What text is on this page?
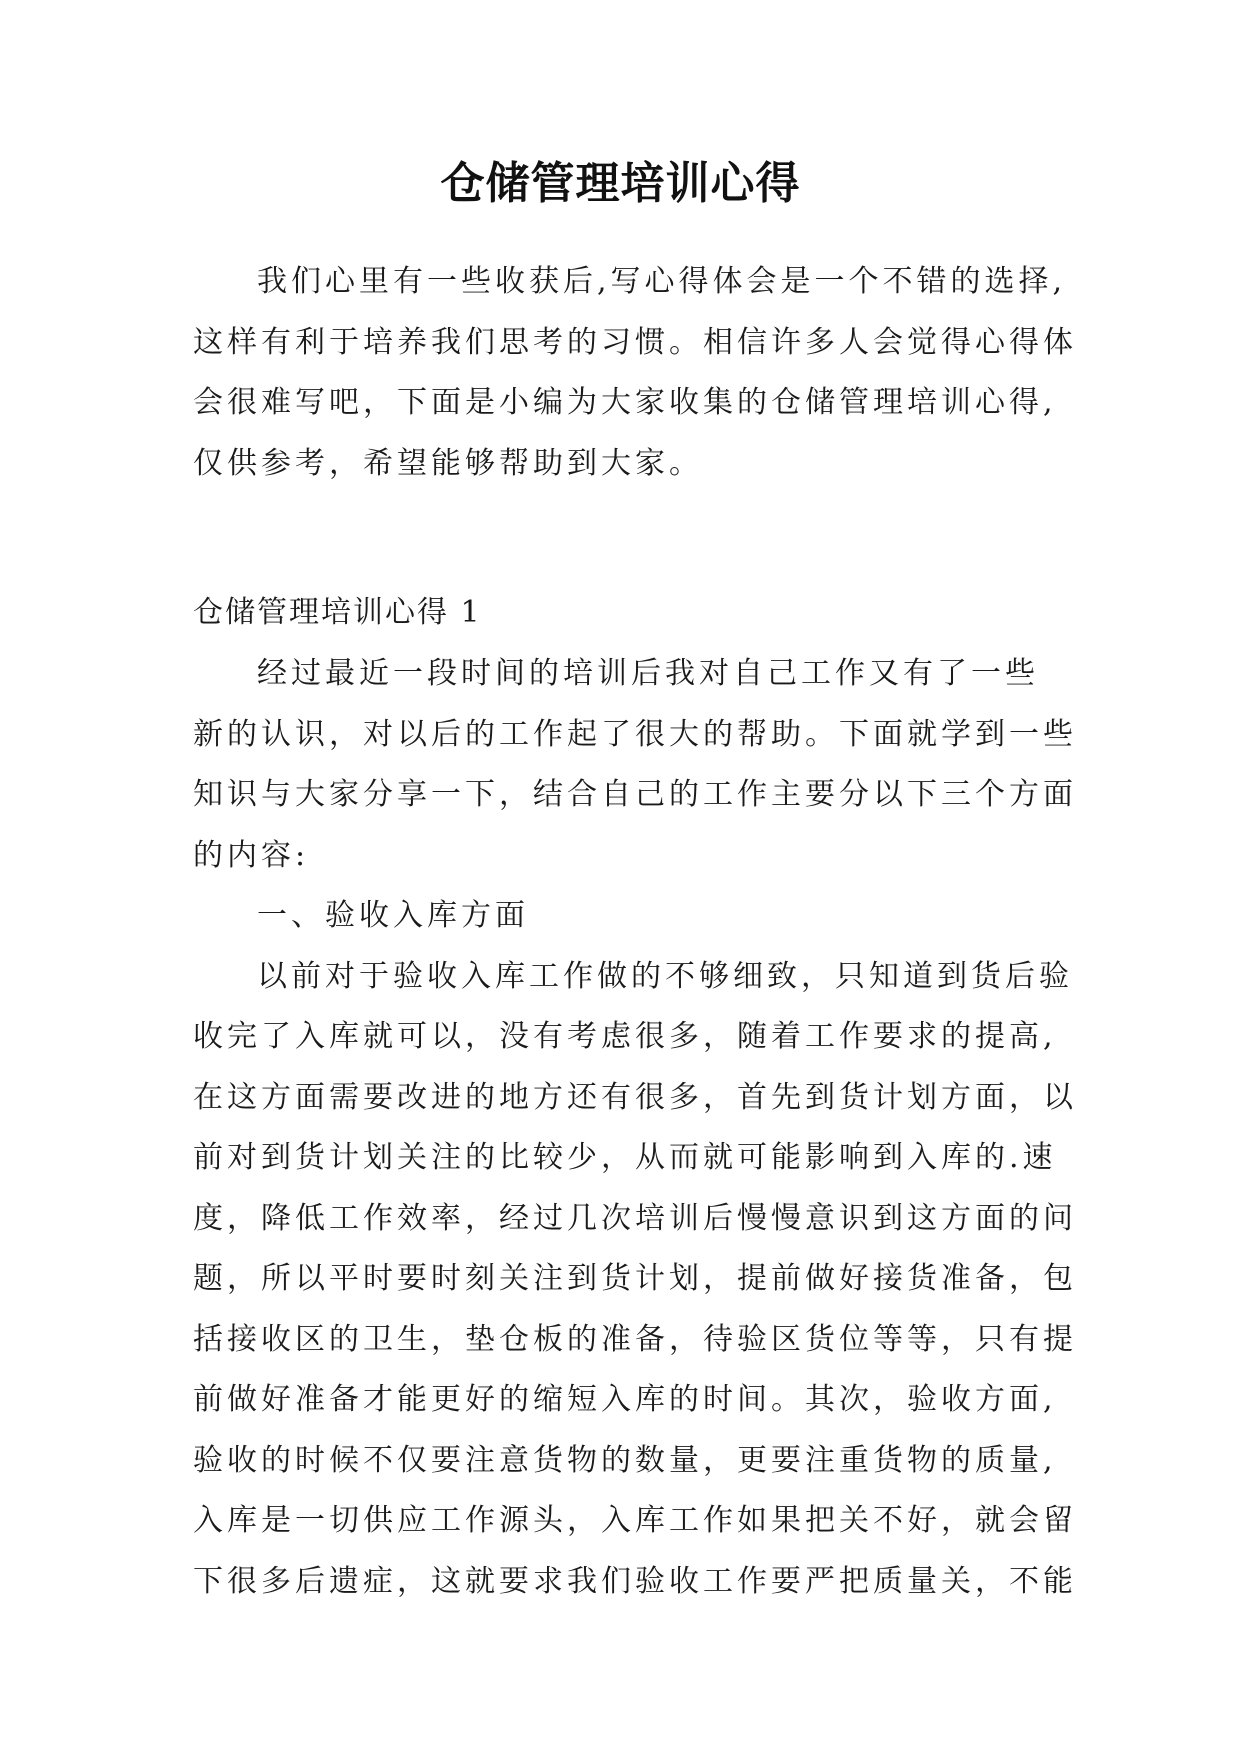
仓储管理培训心得
我们心里有一些收获后,写心得体会是一个不错的选择,
这样有利于培养我们思考的习惯。相信许多人会觉得心得体
会很难写吧，下面是小编为大家收集的仓储管理培训心得,
仅供参考，希望能够帮助到大家。
仓储管理培训心得 1
经过最近一段时间的培训后我对自己工作又有了一些
新的认识，对以后的工作起了很大的帮助。下面就学到一些
知识与大家分享一下，结合自己的工作主要分以下三个方面
的内容:
一、验收入库方面
以前对于验收入库工作做的不够细致，只知道到货后验
收完了入库就可以，没有考虑很多，随着工作要求的提高,
在这方面需要改进的地方还有很多，首先到货计划方面，以
前对到货计划关注的比较少，从而就可能影响到入库的.速
度，降低工作效率，经过几次培训后慢慢意识到这方面的问
题，所以平时要时刻关注到货计划，提前做好接货准备，包
括接收区的卫生，垫仓板的准备，待验区货位等等，只有提
前做好准备才能更好的缩短入库的时间。其次，验收方面,
验收的时候不仅要注意货物的数量，更要注重货物的质量,
入库是一切供应工作源头，入库工作如果把关不好，就会留
下很多后遗症，这就要求我们验收工作要严把质量关，不能
